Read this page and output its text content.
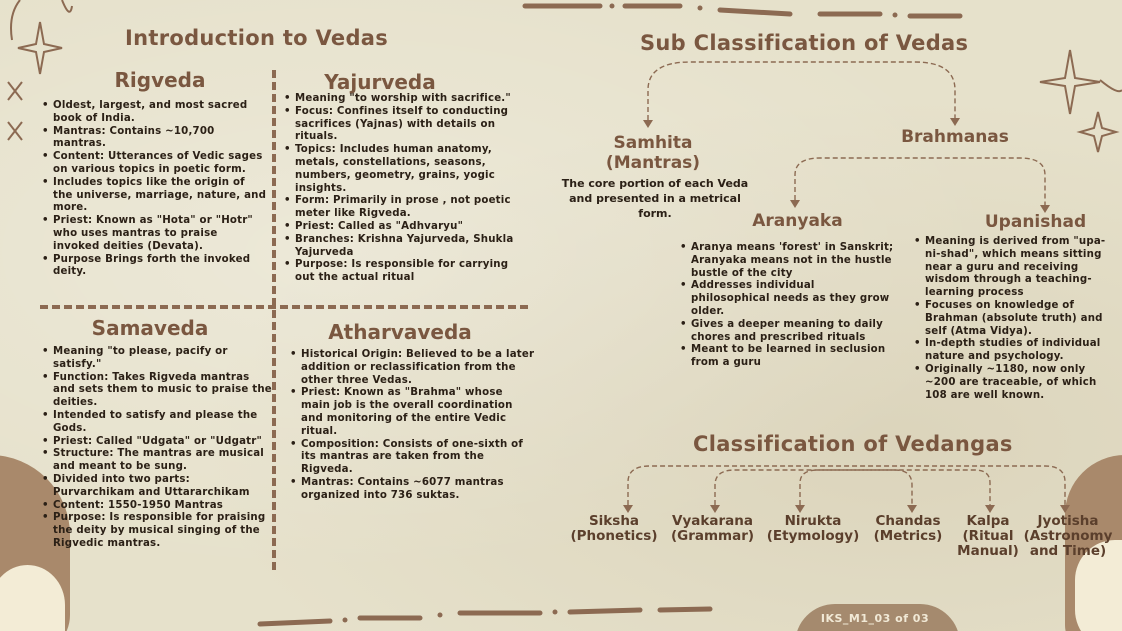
Introduction to Vedas
Rigveda
• Oldest, largest, and most sacred book of India.
• Mantras: Contains ~10,700 mantras.
• Content: Utterances of Vedic sages on various topics in poetic form.
• Includes topics like the origin of the universe, marriage, nature, and more.
• Priest: Known as "Hota" or "Hotr" who uses mantras to praise invoked deities (Devata).
• Purpose Brings forth the invoked deity.
Yajurveda
• Meaning "to worship with sacrifice."
• Focus: Confines itself to conducting sacrifices (Yajnas) with details on rituals.
• Topics: Includes human anatomy, metals, constellations, seasons, numbers, geometry, grains, yogic insights.
• Form: Primarily in prose , not poetic meter like Rigveda.
• Priest: Called as "Adhvaryu"
• Branches: Krishna Yajurveda, Shukla Yajurveda
• Purpose: Is responsible for carrying out the actual ritual
Samaveda
• Meaning "to please, pacify or satisfy."
• Function: Takes Rigveda mantras and sets them to music to praise the deities.
• Intended to satisfy and please the Gods.
• Priest: Called "Udgata" or "Udgatr"
• Structure: The mantras are musical and meant to be sung.
• Divided into two parts: Purvarchikam and Uttararchikam
• Content: 1550-1950 Mantras
• Purpose: Is responsible for praising the deity by musical singing of the Rigvedic mantras.
Atharvaveda
• Historical Origin: Believed to be a later addition or reclassification from the other three Vedas.
• Priest: Known as "Brahma" whose main job is the overall coordination and monitoring of the entire Vedic ritual.
• Composition: Consists of one-sixth of its mantras are taken from the Rigveda.
• Mantras: Contains ~6077 mantras organized into 736 suktas.
Sub Classification of Vedas
Samhita (Mantras)
The core portion of each Veda and presented in a metrical form.
Brahmanas
Aranyaka
• Aranya means 'forest' in Sanskrit; Aranyaka means not in the hustle bustle of the city
• Addresses individual philosophical needs as they grow older.
• Gives a deeper meaning to daily chores and prescribed rituals
• Meant to be learned in seclusion from a guru
Upanishad
• Meaning is derived from "upa-ni-shad", which means sitting near a guru and receiving wisdom through a teaching-learning process
• Focuses on knowledge of Brahman (absolute truth) and self (Atma Vidya).
• In-depth studies of individual nature and psychology.
• Originally ~1180, now only ~200 are traceable, of which 108 are well known.
Classification of Vedangas
Siksha
(Phonetics)
Vyakarana
(Grammar)
Nirukta
(Etymology)
Chandas
(Metrics)
Kalpa
(Ritual Manual)
Jyotisha
(Astronomy and Time)
IKS_M1_03 of 03
